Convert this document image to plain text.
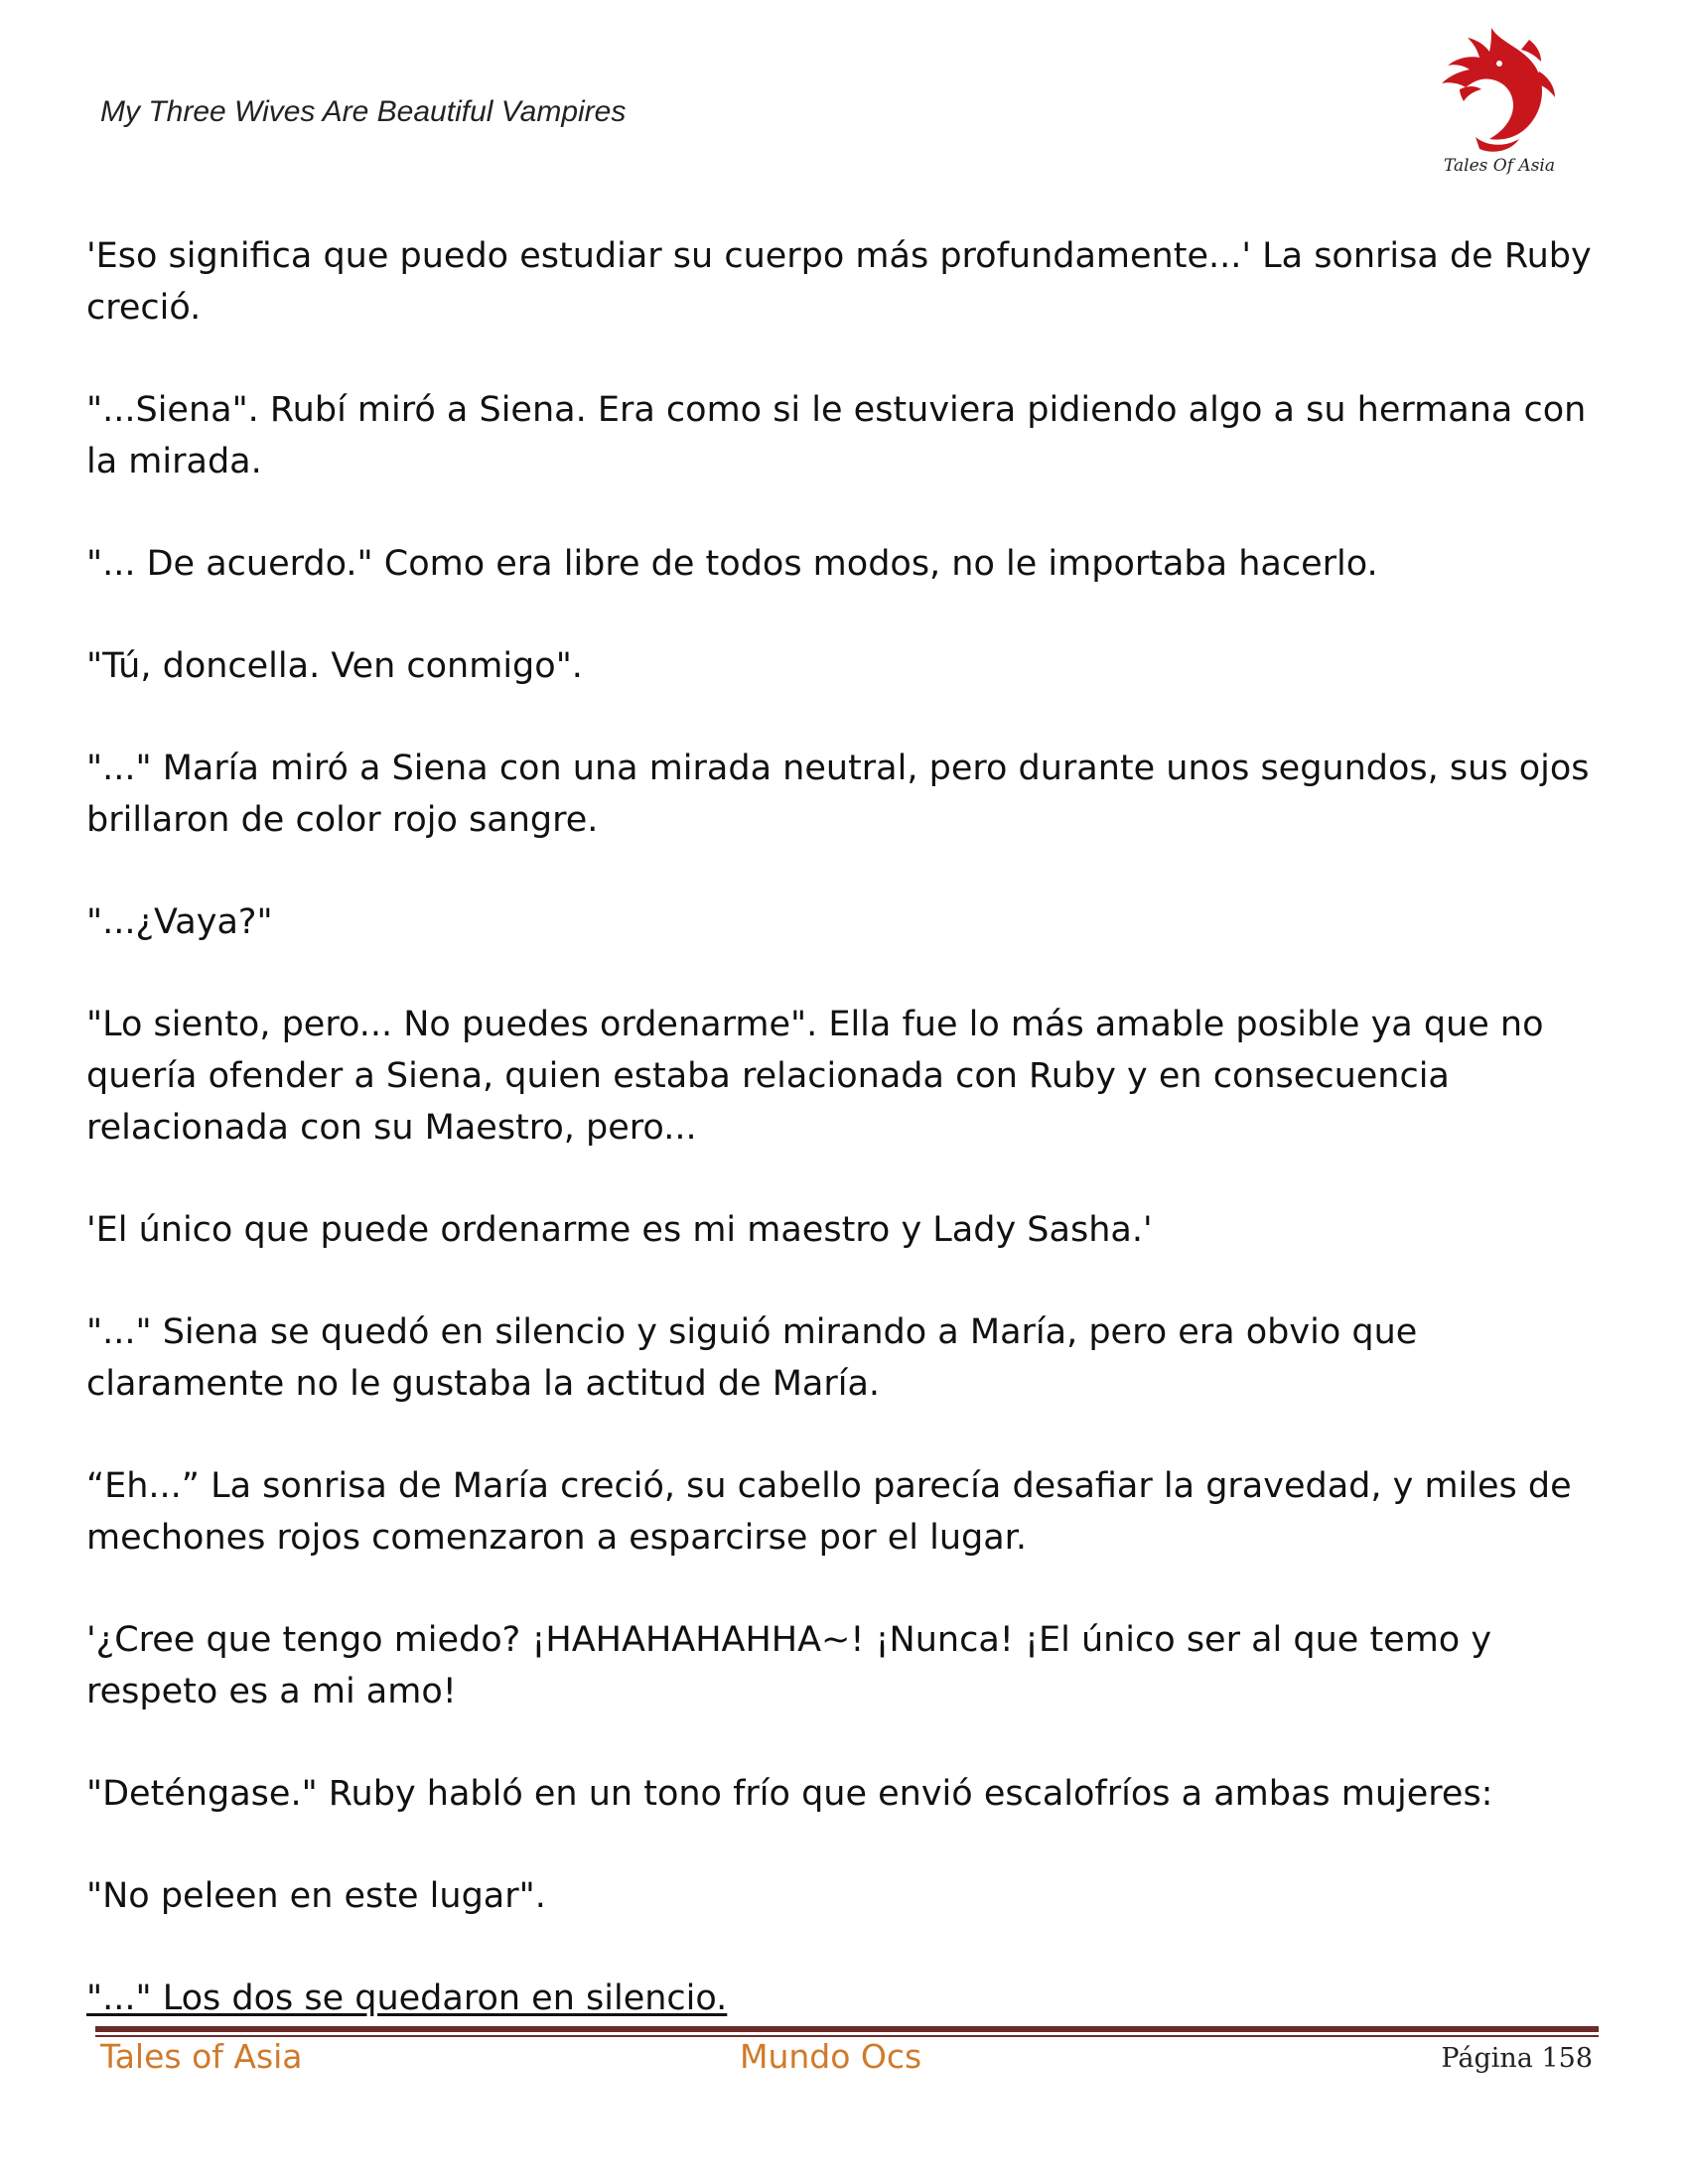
My Three Wives Are Beautiful Vampires
Tales Of Asia

'Eso significa que puedo estudiar su cuerpo más profundamente...' La sonrisa de Ruby creció.

"...Siena". Rubí miró a Siena. Era como si le estuviera pidiendo algo a su hermana con la mirada.

"... De acuerdo." Como era libre de todos modos, no le importaba hacerlo.

"Tú, doncella. Ven conmigo".

"..." María miró a Siena con una mirada neutral, pero durante unos segundos, sus ojos brillaron de color rojo sangre.

"...¿Vaya?"

"Lo siento, pero... No puedes ordenarme". Ella fue lo más amable posible ya que no quería ofender a Siena, quien estaba relacionada con Ruby y en consecuencia relacionada con su Maestro, pero...

'El único que puede ordenarme es mi maestro y Lady Sasha.'

"..." Siena se quedó en silencio y siguió mirando a María, pero era obvio que claramente no le gustaba la actitud de María.

“Eh...” La sonrisa de María creció, su cabello parecía desafiar la gravedad, y miles de mechones rojos comenzaron a esparcirse por el lugar.

'¿Cree que tengo miedo? ¡HAHAHAHAHHA~! ¡Nunca! ¡El único ser al que temo y respeto es a mi amo!

"Deténgase." Ruby habló en un tono frío que envió escalofríos a ambas mujeres:

"No peleen en este lugar".

"..." Los dos se quedaron en silencio.

Tales of Asia	Mundo Ocs	Página 158
